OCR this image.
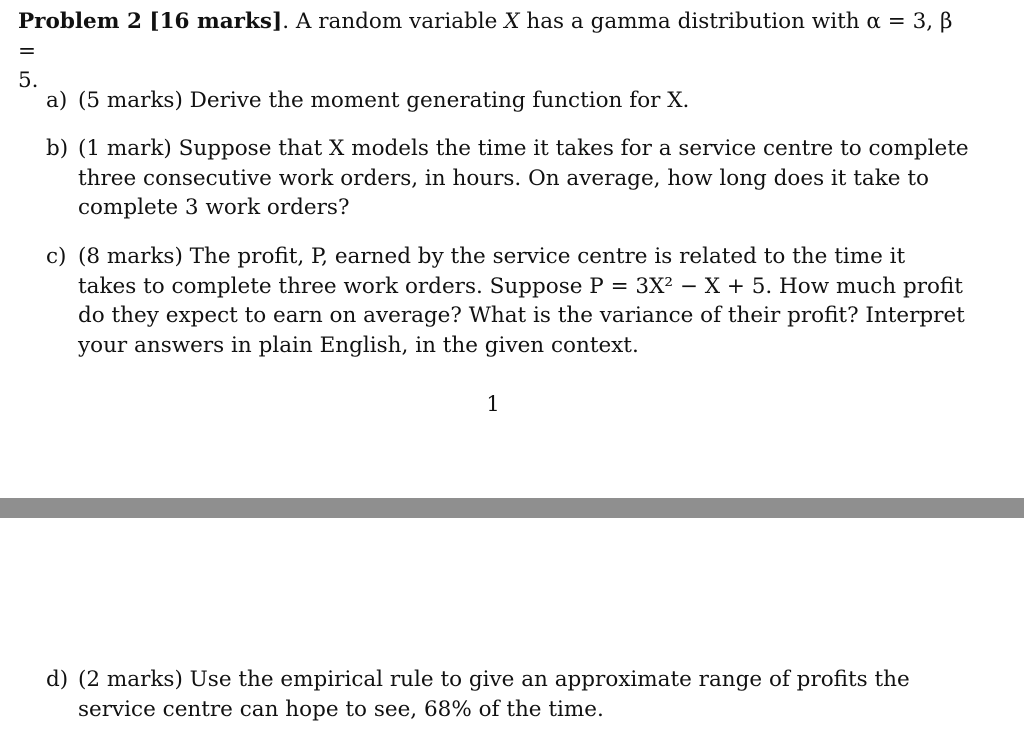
Problem 2 [16 marks]. A random variable X has a gamma distribution with α = 3, β =
5.
a) (5 marks) Derive the moment generating function for X.
b) (1 mark) Suppose that X models the time it takes for a service centre to complete three consecutive work orders, in hours. On average, how long does it take to complete 3 work orders?
c) (8 marks) The profit, P, earned by the service centre is related to the time it takes to complete three work orders. Suppose P = 3X² − X + 5. How much profit do they expect to earn on average? What is the variance of their profit? Interpret your answers in plain English, in the given context.
1
d) (2 marks) Use the empirical rule to give an approximate range of profits the service centre can hope to see, 68% of the time.
